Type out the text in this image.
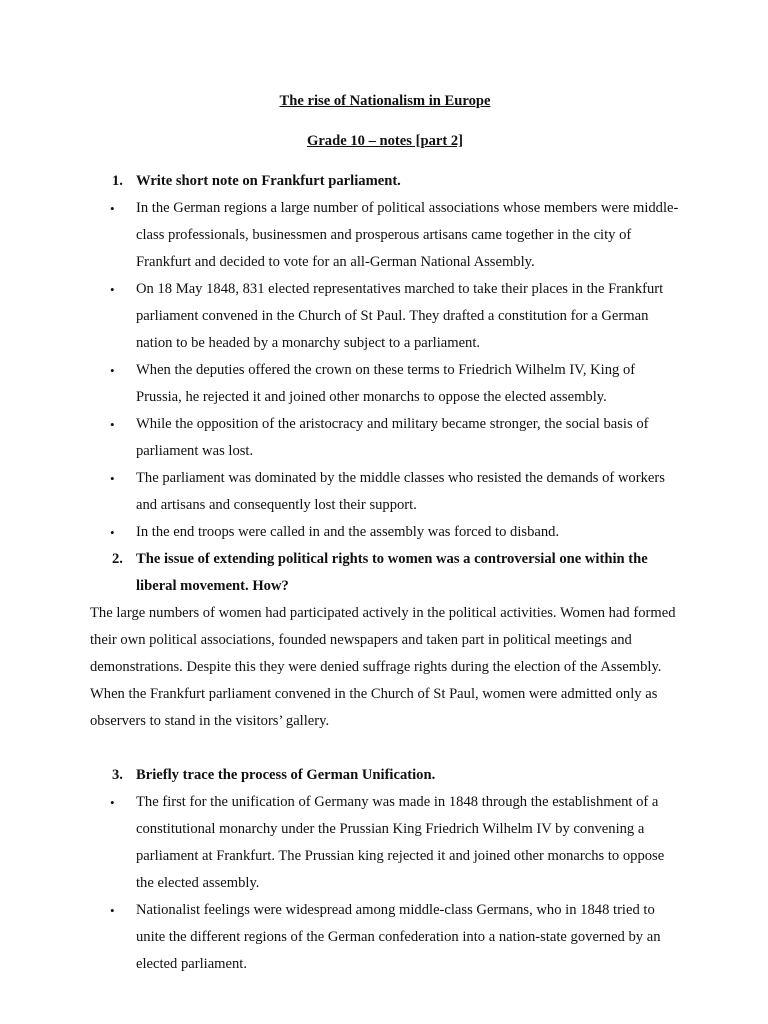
The rise of Nationalism in Europe

Grade 10 – notes [part 2]

1. Write short note on Frankfurt parliament.

• In the German regions a large number of political associations whose members were middle-class professionals, businessmen and prosperous artisans came together in the city of Frankfurt and decided to vote for an all-German National Assembly.

• On 18 May 1848, 831 elected representatives marched to take their places in the Frankfurt parliament convened in the Church of St Paul. They drafted a constitution for a German nation to be headed by a monarchy subject to a parliament.

• When the deputies offered the crown on these terms to Friedrich Wilhelm IV, King of Prussia, he rejected it and joined other monarchs to oppose the elected assembly.

• While the opposition of the aristocracy and military became stronger, the social basis of parliament was lost.

• The parliament was dominated by the middle classes who resisted the demands of workers and artisans and consequently lost their support.

• In the end troops were called in and the assembly was forced to disband.

2. The issue of extending political rights to women was a controversial one within the liberal movement. How?

The large numbers of women had participated actively in the political activities. Women had formed their own political associations, founded newspapers and taken part in political meetings and demonstrations. Despite this they were denied suffrage rights during the election of the Assembly. When the Frankfurt parliament convened in the Church of St Paul, women were admitted only as observers to stand in the visitors’ gallery.

3. Briefly trace the process of German Unification.

• The first for the unification of Germany was made in 1848 through the establishment of a constitutional monarchy under the Prussian King Friedrich Wilhelm IV by convening a parliament at Frankfurt. The Prussian king rejected it and joined other monarchs to oppose the elected assembly.

• Nationalist feelings were widespread among middle-class Germans, who in 1848 tried to unite the different regions of the German confederation into a nation-state governed by an elected parliament.
